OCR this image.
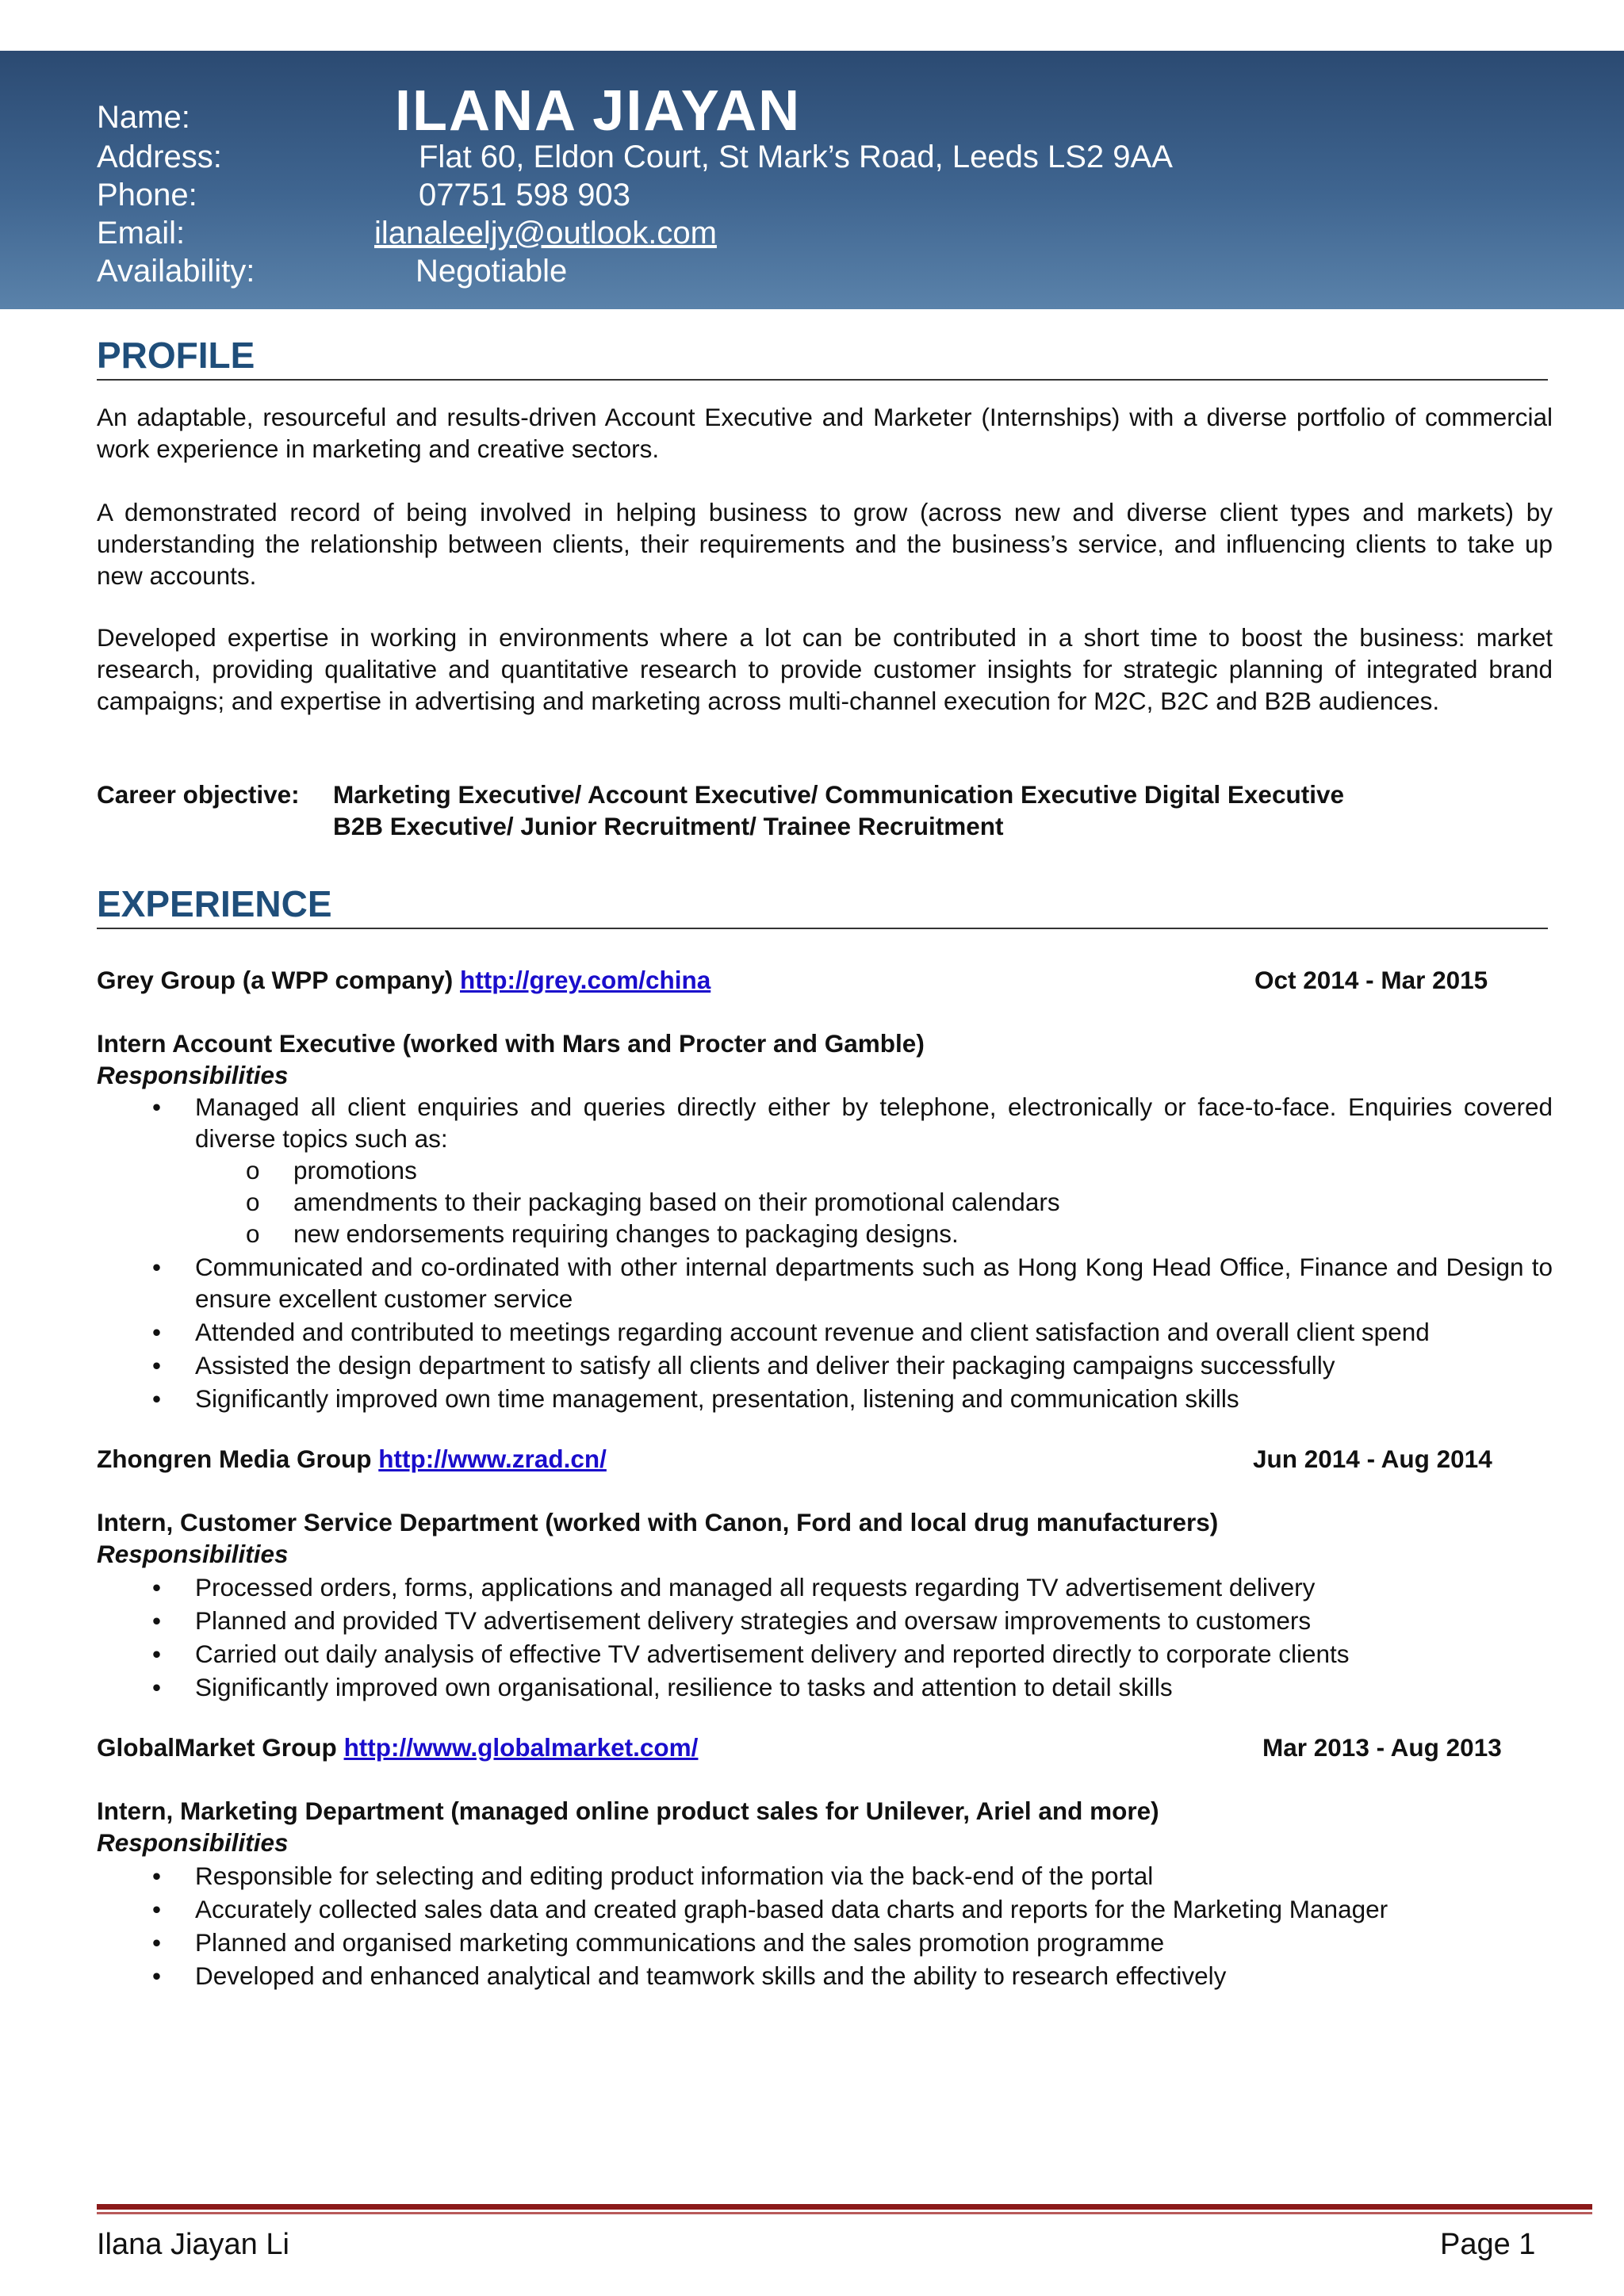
Name:	ILANA JIAYAN
Address:	Flat 60, Eldon Court, St Mark’s Road, Leeds LS2 9AA
Phone:	07751 598 903
Email:	ilanaleeljy@outlook.com
Availability:	Negotiable
PROFILE
An adaptable, resourceful and results-driven Account Executive and Marketer (Internships) with a diverse portfolio of commercial work experience in marketing and creative sectors.
A demonstrated record of being involved in helping business to grow (across new and diverse client types and markets) by understanding the relationship between clients, their requirements and the business’s service, and influencing clients to take up new accounts.
Developed expertise in working in environments where a lot can be contributed in a short time to boost the business: market research, providing qualitative and quantitative research to provide customer insights for strategic planning of integrated brand campaigns; and expertise in advertising and marketing across multi-channel execution for M2C, B2C and B2B audiences.
Career objective: Marketing Executive/ Account Executive/ Communication Executive Digital Executive
B2B Executive/ Junior Recruitment/ Trainee Recruitment
EXPERIENCE
Grey Group (a WPP company) http://grey.com/china	Oct 2014 - Mar 2015
Intern Account Executive (worked with Mars and Procter and Gamble)
Responsibilities
• Managed all client enquiries and queries directly either by telephone, electronically or face-to-face. Enquiries covered diverse topics such as:
o promotions
o amendments to their packaging based on their promotional calendars
o new endorsements requiring changes to packaging designs.
• Communicated and co-ordinated with other internal departments such as Hong Kong Head Office, Finance and Design to ensure excellent customer service
• Attended and contributed to meetings regarding account revenue and client satisfaction and overall client spend
• Assisted the design department to satisfy all clients and deliver their packaging campaigns successfully
• Significantly improved own time management, presentation, listening and communication skills
Zhongren Media Group http://www.zrad.cn/	Jun 2014 - Aug 2014
Intern, Customer Service Department (worked with Canon, Ford and local drug manufacturers)
Responsibilities
• Processed orders, forms, applications and managed all requests regarding TV advertisement delivery
• Planned and provided TV advertisement delivery strategies and oversaw improvements to customers
• Carried out daily analysis of effective TV advertisement delivery and reported directly to corporate clients
• Significantly improved own organisational, resilience to tasks and attention to detail skills
GlobalMarket Group http://www.globalmarket.com/	Mar 2013 - Aug 2013
Intern, Marketing Department (managed online product sales for Unilever, Ariel and more)
Responsibilities
• Responsible for selecting and editing product information via the back-end of the portal
• Accurately collected sales data and created graph-based data charts and reports for the Marketing Manager
• Planned and organised marketing communications and the sales promotion programme
• Developed and enhanced analytical and teamwork skills and the ability to research effectively
Ilana Jiayan Li	Page 1
